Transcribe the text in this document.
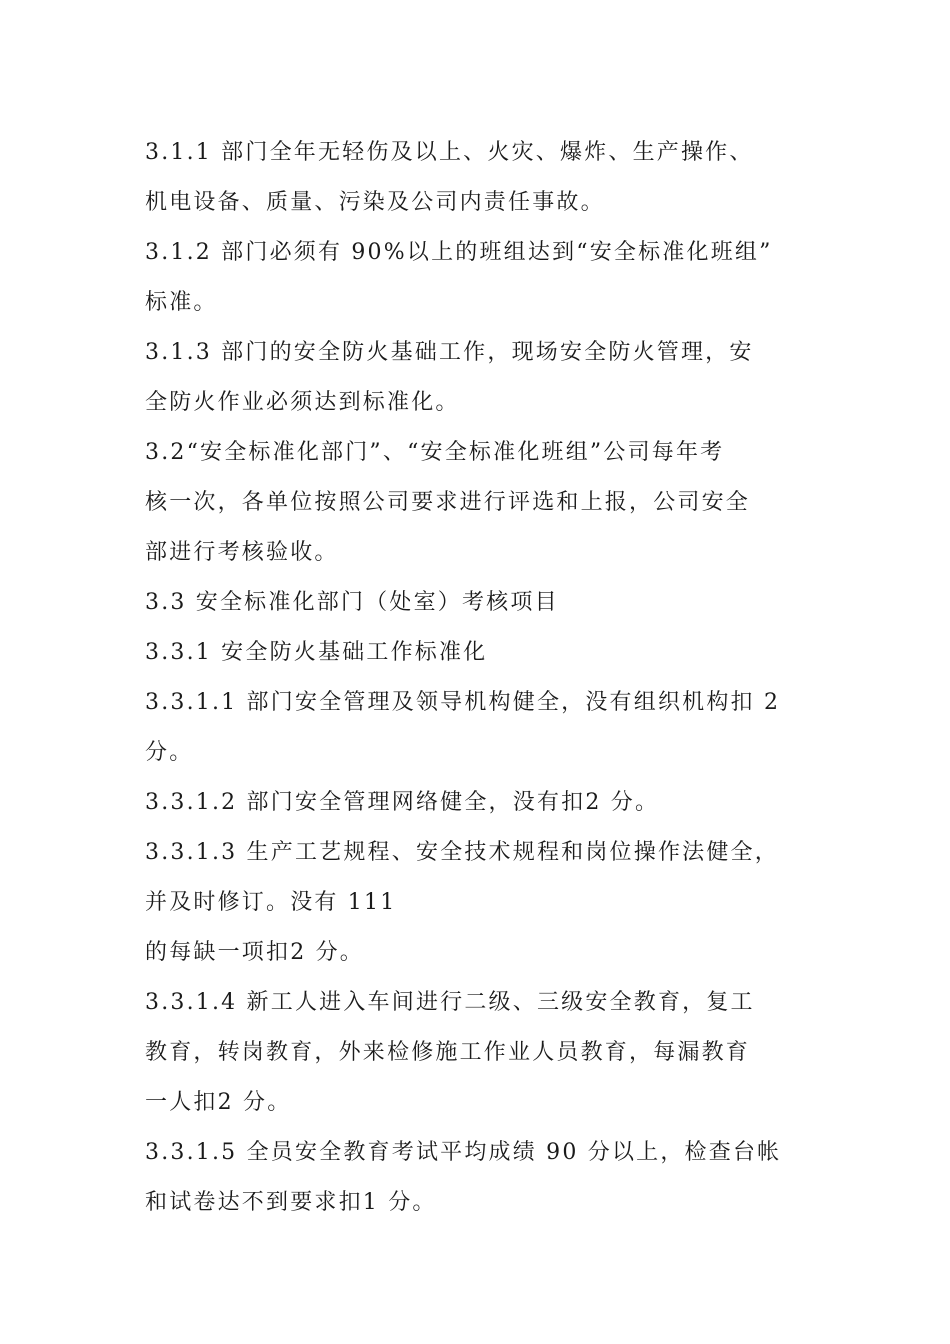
3.1.1 部门全年无轻伤及以上、火灾、爆炸、生产操作、
机电设备、质量、污染及公司内责任事故。
3.1.2 部门必须有 90%以上的班组达到“安全标准化班组”
标准。
3.1.3 部门的安全防火基础工作，现场安全防火管理，安
全防火作业必须达到标准化。
3.2“安全标准化部门”、“安全标准化班组”公司每年考
核一次，各单位按照公司要求进行评选和上报，公司安全
部进行考核验收。
3.3 安全标准化部门（处室）考核项目
3.3.1 安全防火基础工作标准化
3.3.1.1 部门安全管理及领导机构健全，没有组织机构扣 2
分。
3.3.1.2 部门安全管理网络健全，没有扣2 分。
3.3.1.3 生产工艺规程、安全技术规程和岗位操作法健全，
并及时修订。没有 111
的每缺一项扣2 分。
3.3.1.4 新工人进入车间进行二级、三级安全教育，复工
教育，转岗教育，外来检修施工作业人员教育，每漏教育
一人扣2 分。
3.3.1.5 全员安全教育考试平均成绩 90 分以上，检查台帐
和试卷达不到要求扣1 分。
